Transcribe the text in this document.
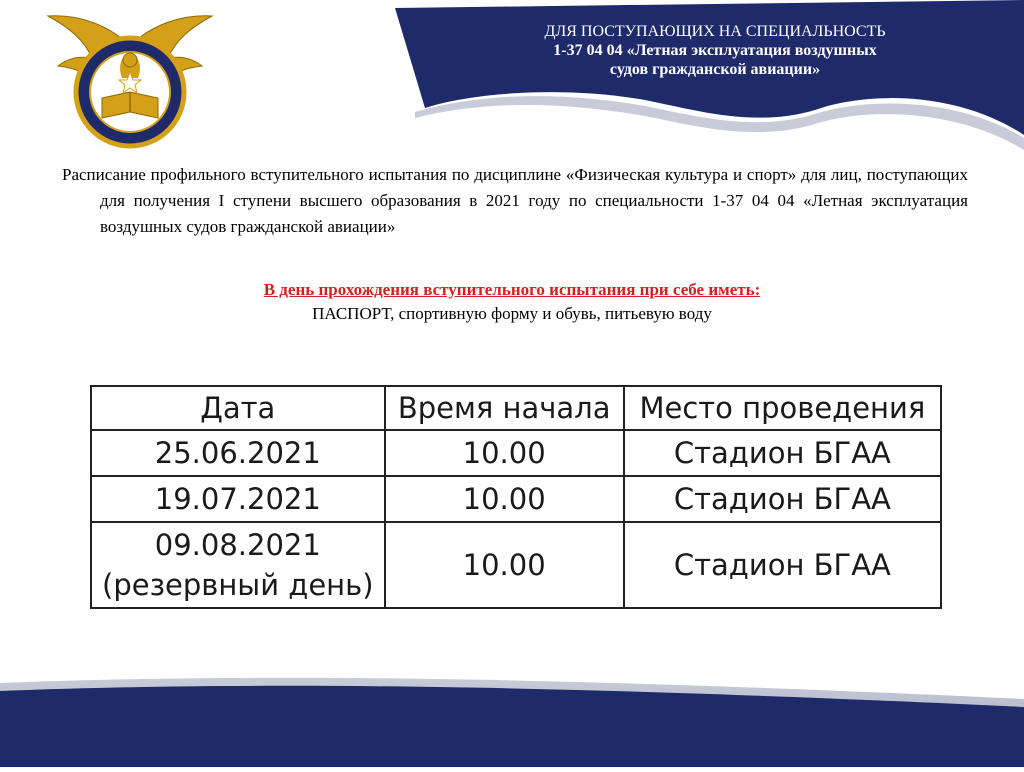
ДЛЯ ПОСТУПАЮЩИХ НА СПЕЦИАЛЬНОСТЬ
1-37 04 04 «Летная эксплуатация воздушных
судов гражданской авиации»

Расписание профильного вступительного испытания по дисциплине «Физическая культура и спорт» для лиц, поступающих для получения I ступени высшего образования в 2021 году по специальности 1-37 04 04 «Летная эксплуатация воздушных судов гражданской авиации»

В день прохождения вступительного испытания при себе иметь:
ПАСПОРТ, спортивную форму и обувь, питьевую воду
Дата	Время начала	Место проведения
25.06.2021	10.00	Стадион БГАА
19.07.2021	10.00	Стадион БГАА

09.08.2021
(резервный день)	10.00	Стадион БГАА
